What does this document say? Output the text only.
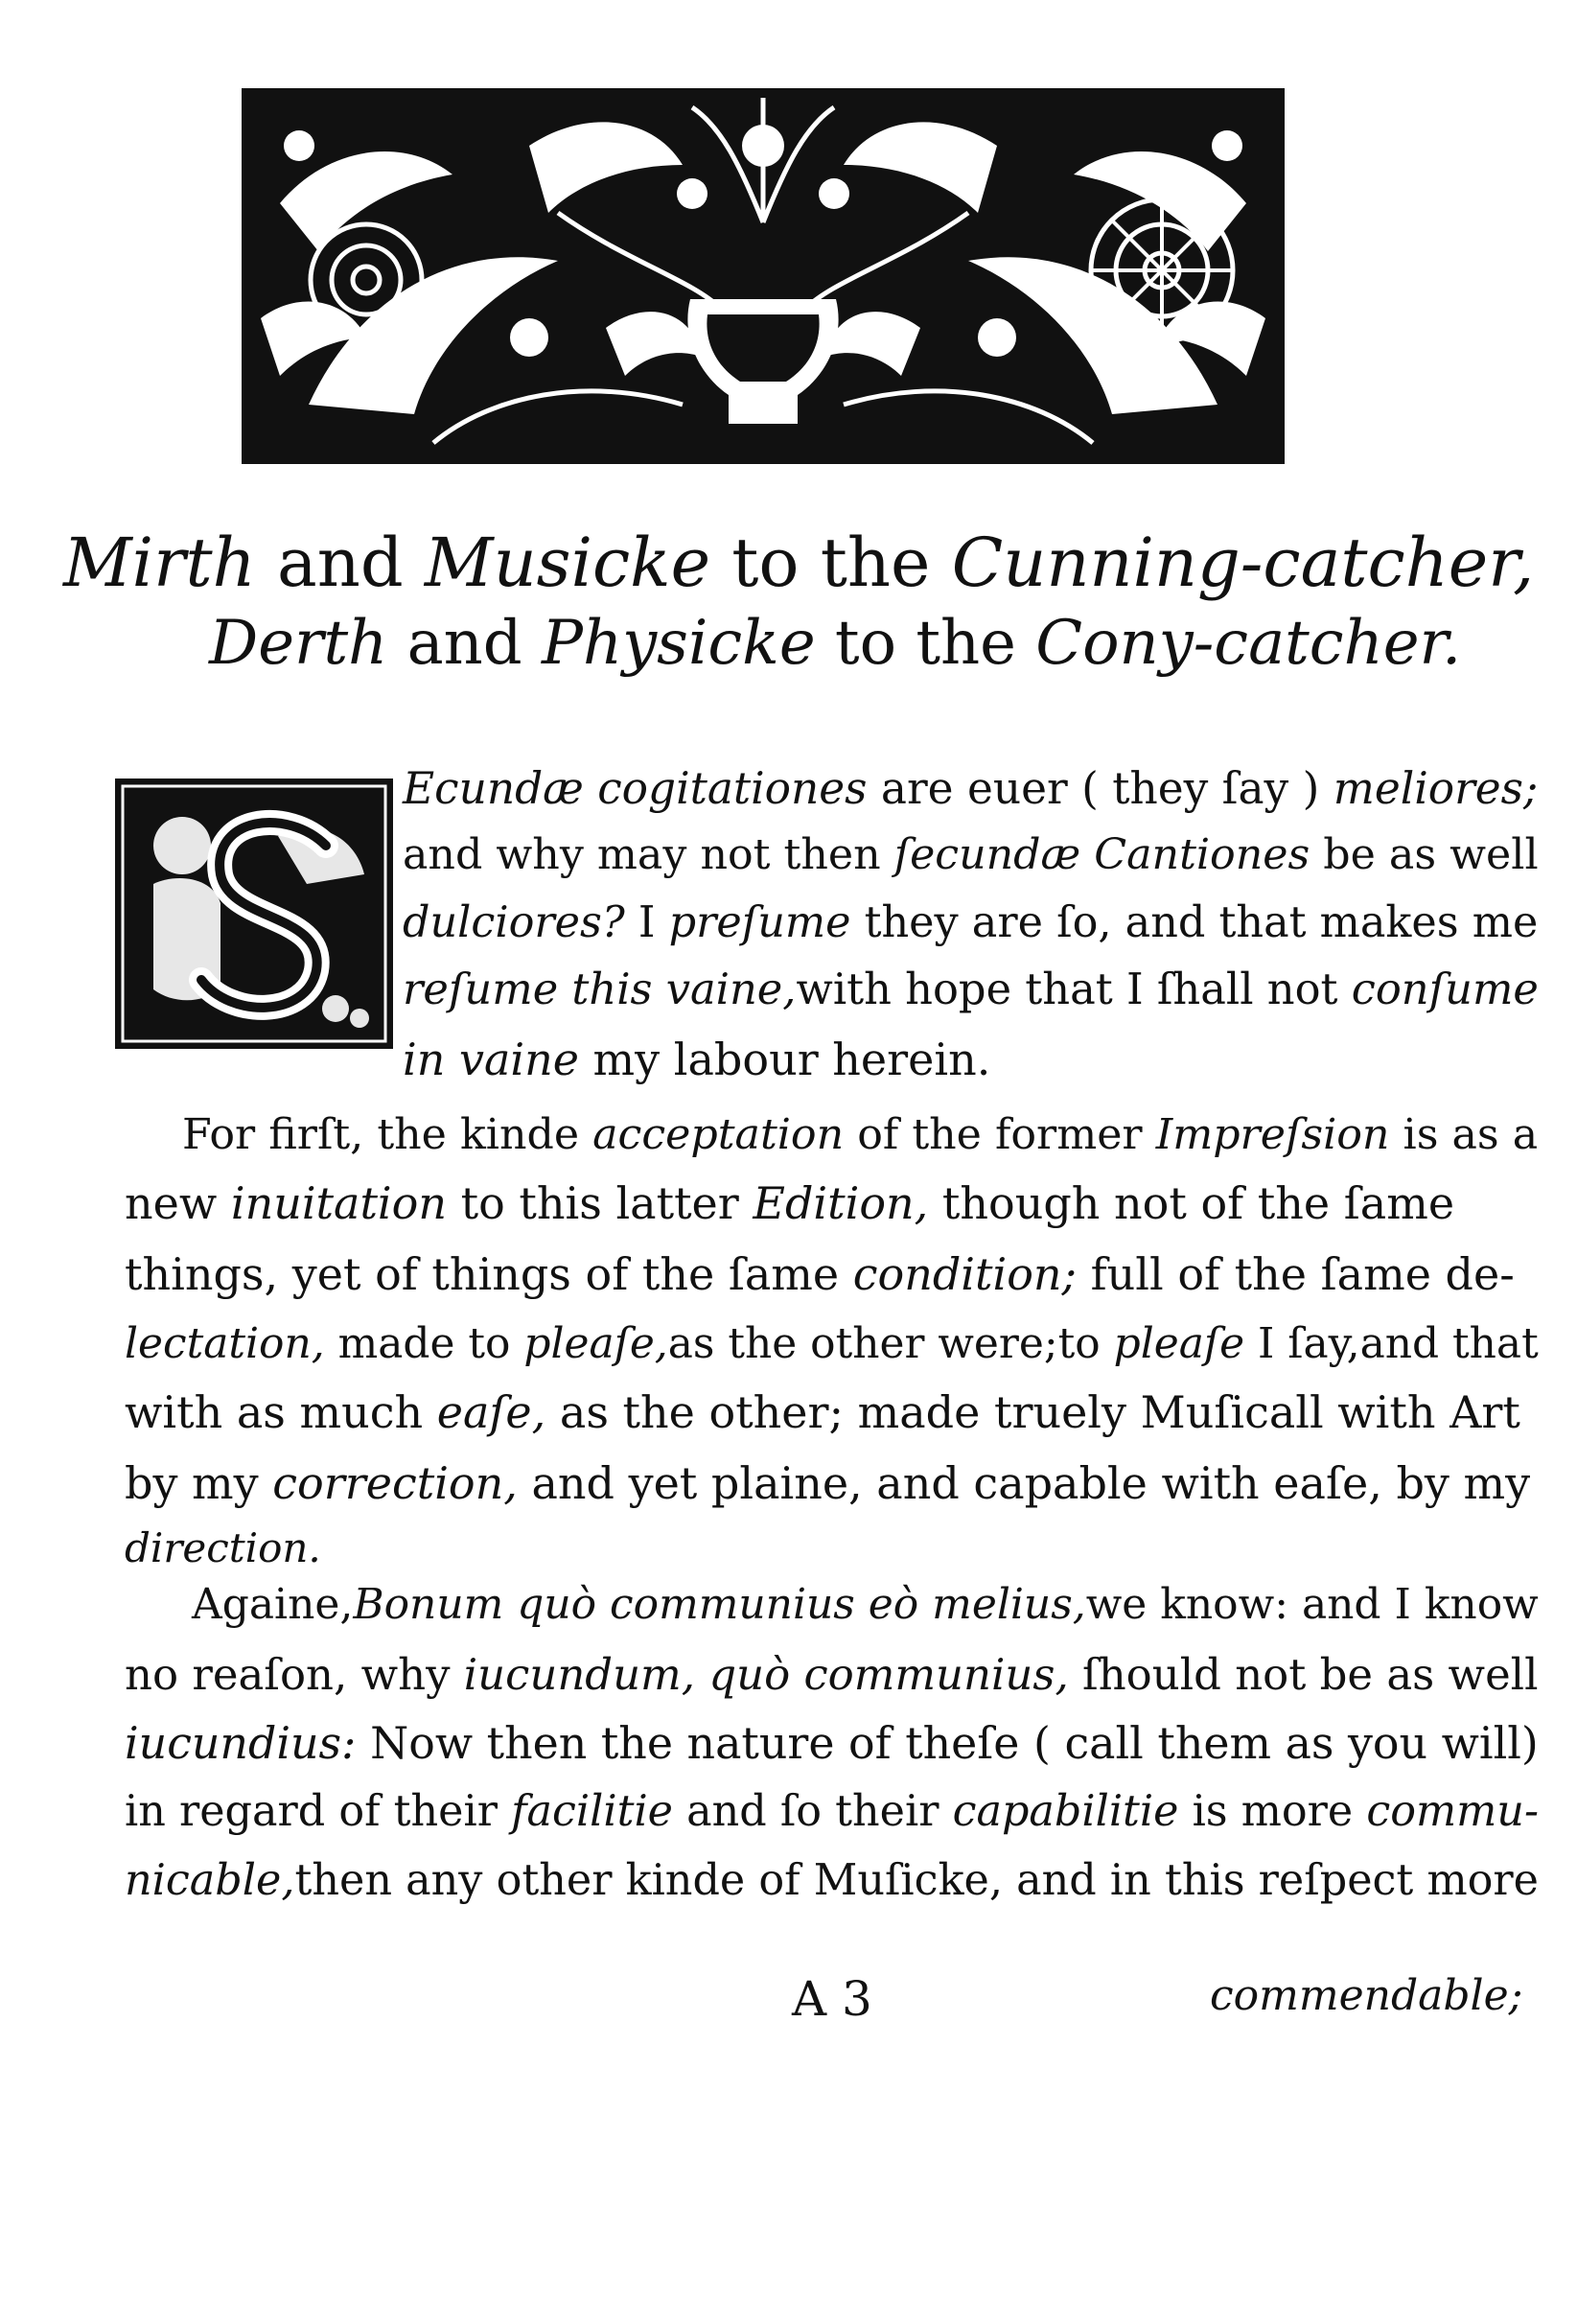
Mirth and Musicke to the Cunning-catcher,
Derth and Physicke to the Cony-catcher.
Ecundæ cogitationes are euer ( they ſay ) meliores;
and why may not then ſecundæ Cantiones be as well
dulciores? I preſume they are ſo, and that makes me
reſume this vaine,with hope that I ſhall not conſume
in vaine my labour herein.
For firſt, the kinde acceptation of the former Impreſsion is as a
new inuitation to this latter Edition, though not of the ſame
things, yet of things of the ſame condition; full of the ſame de-
lectation, made to pleaſe,as the other were;to pleaſe I ſay,and that
with as much eaſe, as the other; made truely Muſicall with Art
by my correction, and yet plaine, and capable with eaſe, by my
direction.
Againe,Bonum quò communius eò melius,we know: and I know
no reaſon, why iucundum, quò communius, ſhould not be as well
iucundius: Now then the nature of theſe ( call them as you will)
in regard of their facilitie and ſo their capabilitie is more commu-
nicable,then any other kinde of Muſicke, and in this reſpect more
A 3	commendable;
